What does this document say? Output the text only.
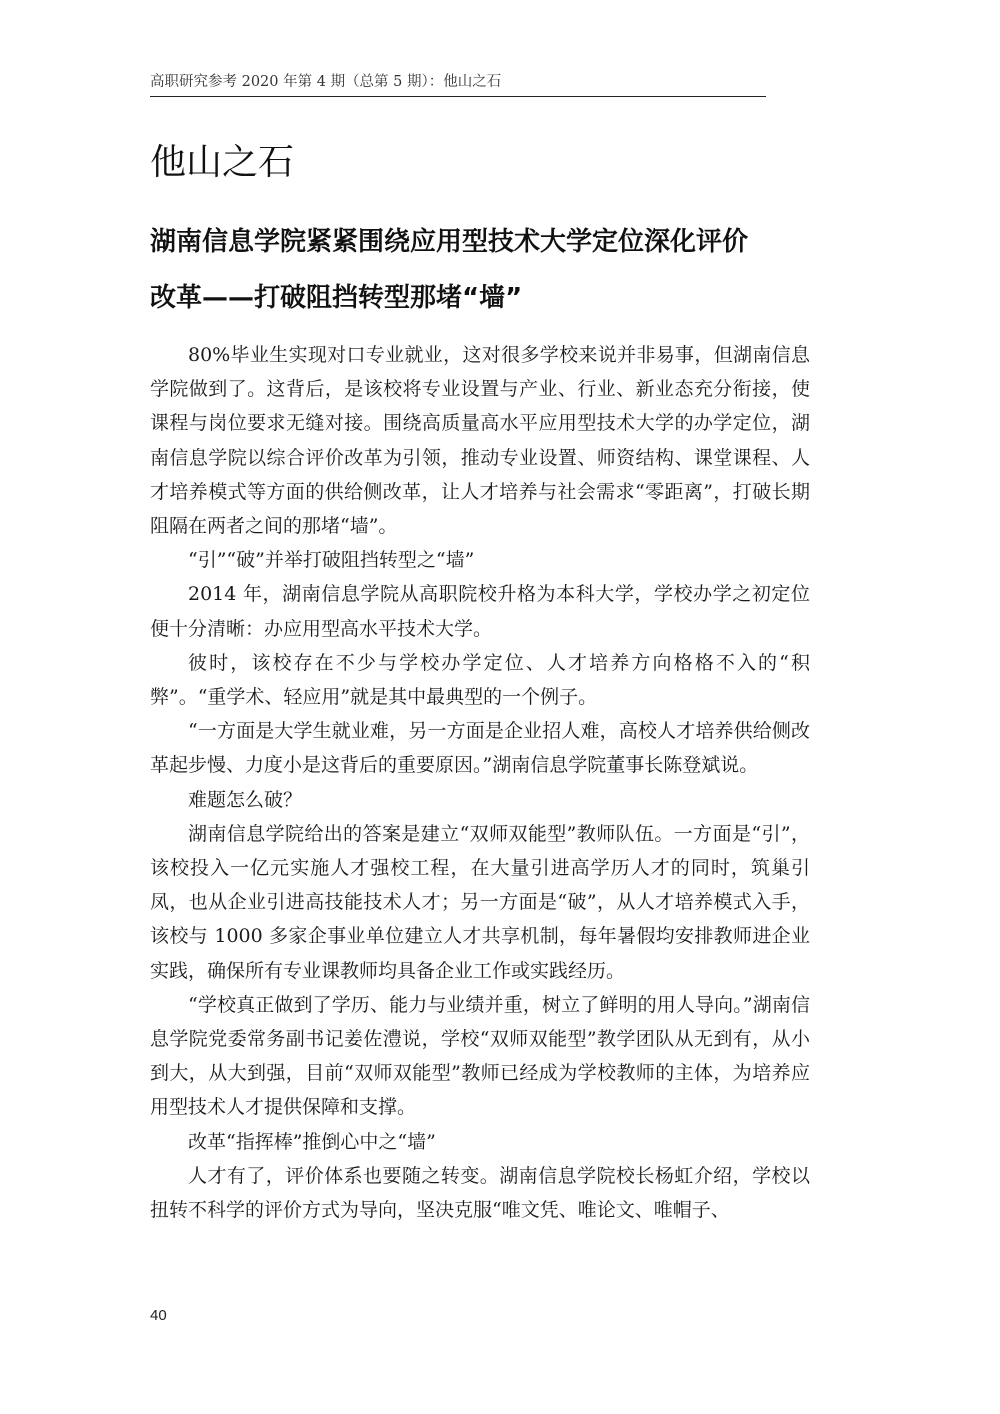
高职研究参考 2020 年第 4 期（总第 5 期）：他山之石
他山之石
湖南信息学院紧紧围绕应用型技术大学定位深化评价
改革——打破阻挡转型那堵“墙”

80%毕业生实现对口专业就业，这对很多学校来说并非易事，但湖南信息学院做到了。这背后，是该校将专业设置与产业、行业、新业态充分衔接，使课程与岗位要求无缝对接。围绕高质量高水平应用型技术大学的办学定位，湖南信息学院以综合评价改革为引领，推动专业设置、师资结构、课堂课程、人才培养模式等方面的供给侧改革，让人才培养与社会需求“零距离”，打破长期阻隔在两者之间的那堵“墙”。

“引”“破”并举打破阻挡转型之“墙”

2014 年，湖南信息学院从高职院校升格为本科大学，学校办学之初定位便十分清晰：办应用型高水平技术大学。

彼时，该校存在不少与学校办学定位、人才培养方向格格不入的“积弊”。“重学术、轻应用”就是其中最典型的一个例子。

“一方面是大学生就业难，另一方面是企业招人难，高校人才培养供给侧改革起步慢、力度小是这背后的重要原因。”湖南信息学院董事长陈登斌说。

难题怎么破？

湖南信息学院给出的答案是建立“双师双能型”教师队伍。一方面是“引”，该校投入一亿元实施人才强校工程，在大量引进高学历人才的同时，筑巢引凤，也从企业引进高技能技术人才；另一方面是“破”，从人才培养模式入手，该校与 1000 多家企事业单位建立人才共享机制，每年暑假均安排教师进企业实践，确保所有专业课教师均具备企业工作或实践经历。

“学校真正做到了学历、能力与业绩并重，树立了鲜明的用人导向。”湖南信息学院党委常务副书记姜佐澧说，学校“双师双能型”教学团队从无到有，从小到大，从大到强，目前“双师双能型”教师已经成为学校教师的主体，为培养应用型技术人才提供保障和支撑。

改革“指挥棒”推倒心中之“墙”

人才有了，评价体系也要随之转变。湖南信息学院校长杨虹介绍，学校以扭转不科学的评价方式为导向，坚决克服“唯文凭、唯论文、唯帽子、

40
